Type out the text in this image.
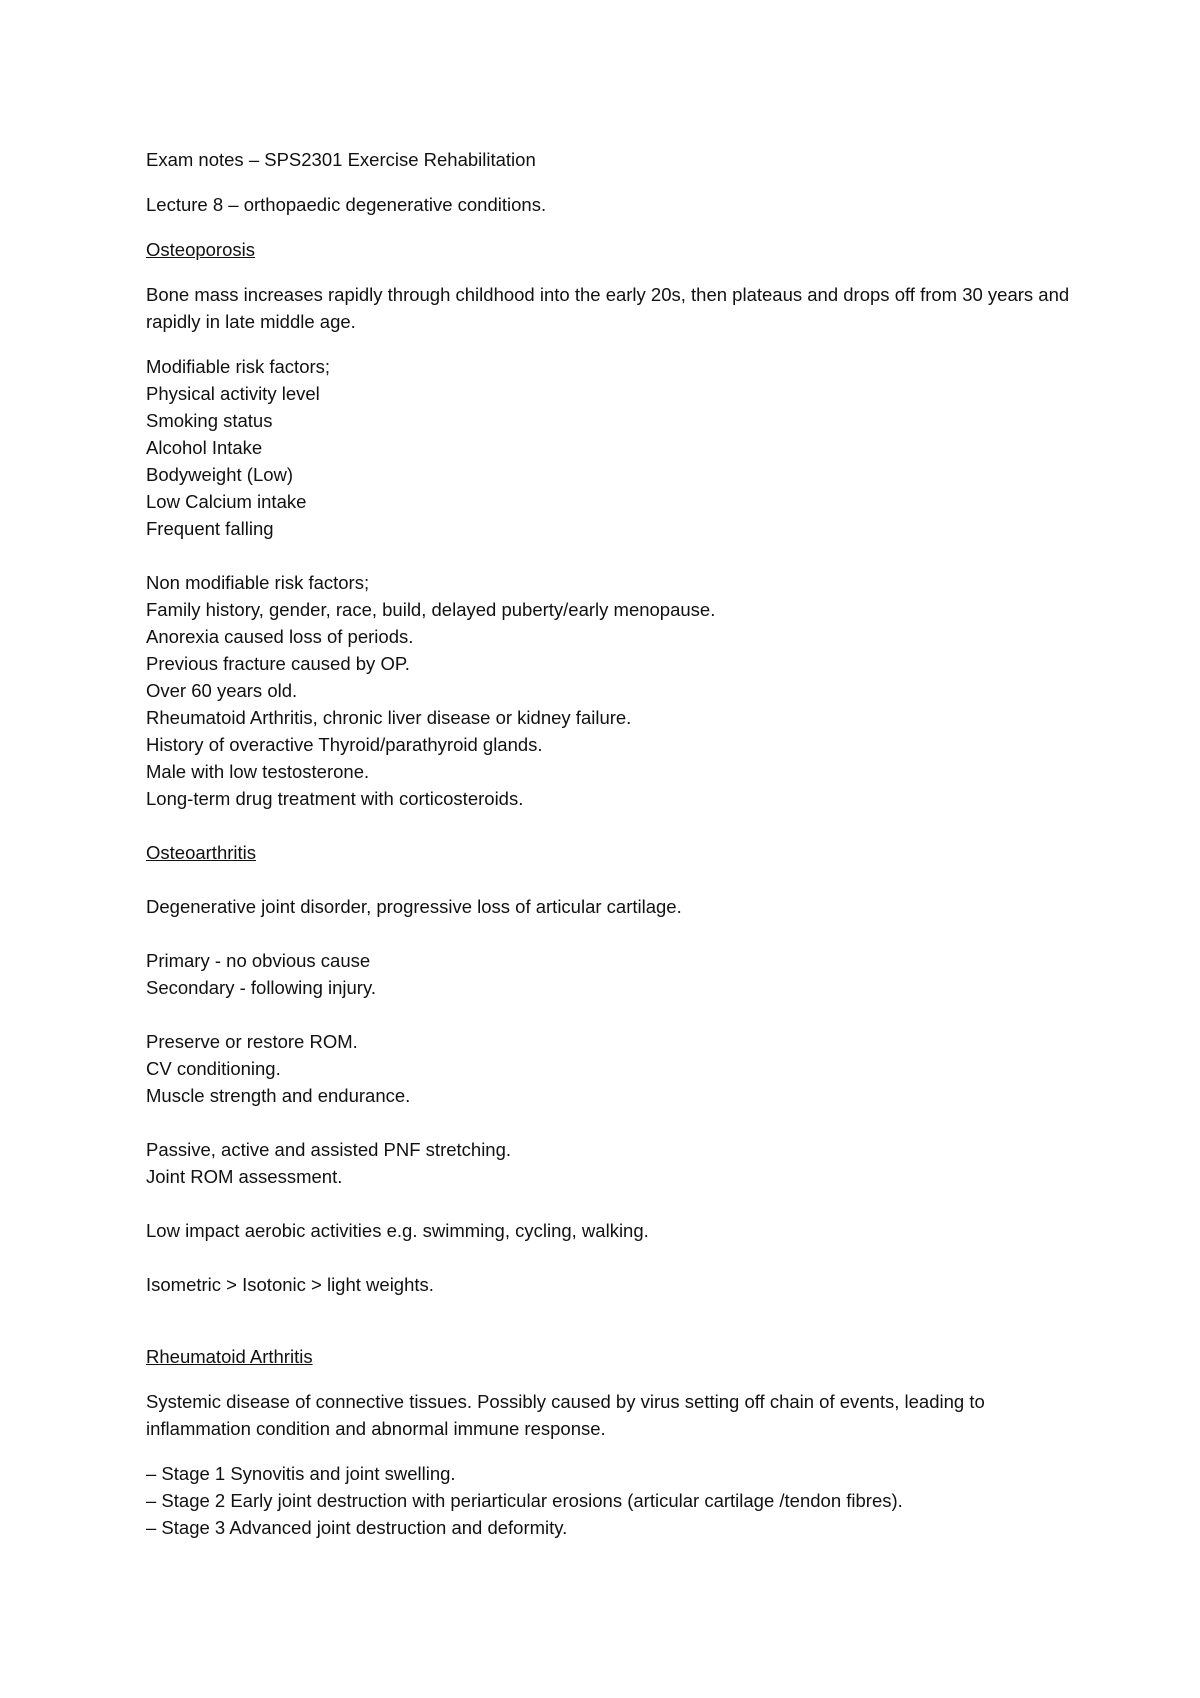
Exam notes – SPS2301 Exercise Rehabilitation
Lecture 8 – orthopaedic degenerative conditions.
Osteoporosis

Bone mass increases rapidly through childhood into the early 20s, then plateaus and drops off from 30 years and rapidly in late middle age.

Modifiable risk factors;
Physical activity level
Smoking status
Alcohol Intake
Bodyweight (Low)
Low Calcium intake
Frequent falling
Non modifiable risk factors;
Family history, gender, race, build, delayed puberty/early menopause.
Anorexia caused loss of periods.
Previous fracture caused by OP.
Over 60 years old.
Rheumatoid Arthritis, chronic liver disease or kidney failure.
History of overactive Thyroid/parathyroid glands.
Male with low testosterone.
Long-term drug treatment with corticosteroids.
Osteoarthritis
Degenerative joint disorder, progressive loss of articular cartilage.
Primary - no obvious cause
Secondary - following injury.
Preserve or restore ROM.
CV conditioning.
Muscle strength and endurance.
Passive, active and assisted PNF stretching.
Joint ROM assessment.
Low impact aerobic activities e.g. swimming, cycling, walking.
Isometric > Isotonic > light weights.
Rheumatoid Arthritis

Systemic disease of connective tissues. Possibly caused by virus setting off chain of events, leading to inflammation condition and abnormal immune response.

– Stage 1 Synovitis and joint swelling.
– Stage 2 Early joint destruction with periarticular erosions (articular cartilage /tendon fibres).
– Stage 3 Advanced joint destruction and deformity.
